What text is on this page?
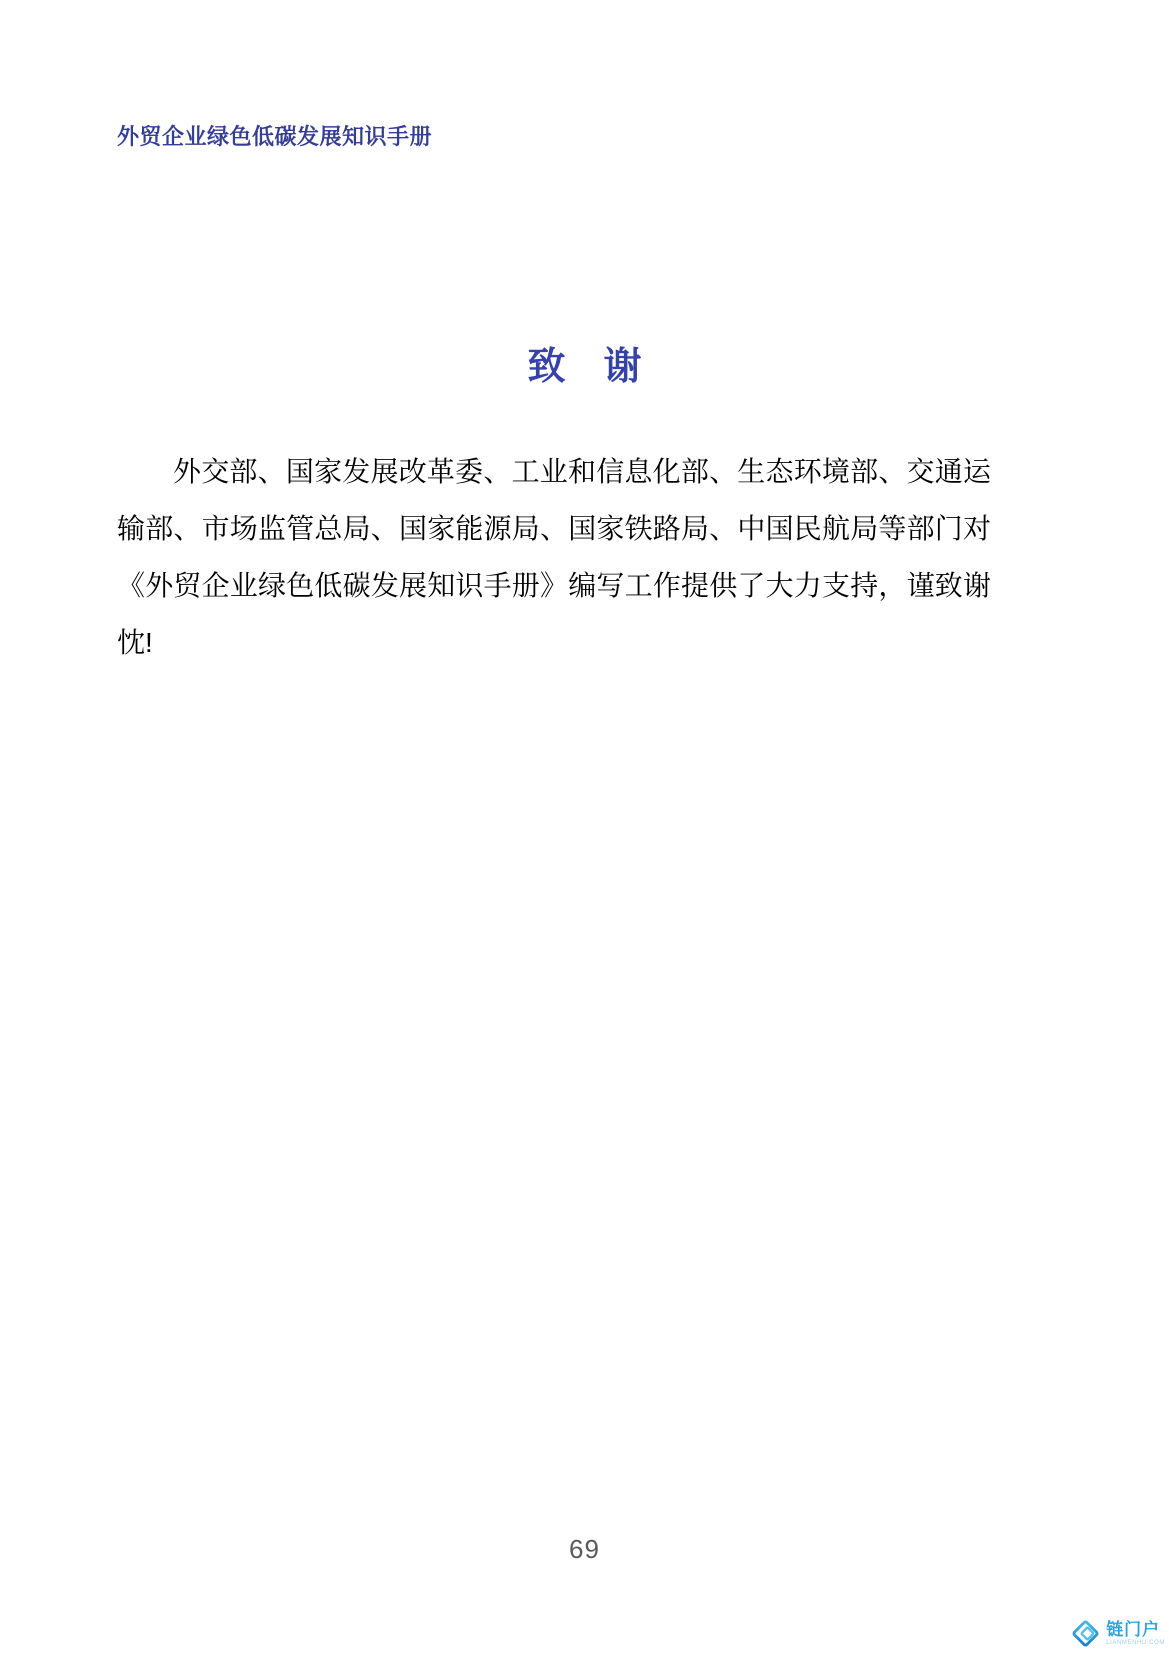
外贸企业绿色低碳发展知识手册
致　谢
外交部、国家发展改革委、工业和信息化部、生态环境部、交通运
输部、市场监管总局、国家能源局、国家铁路局、中国民航局等部门对
《外贸企业绿色低碳发展知识手册》编写工作提供了大力支持，谨致谢
忱!
69
链门户
LIANMENHU.COM
